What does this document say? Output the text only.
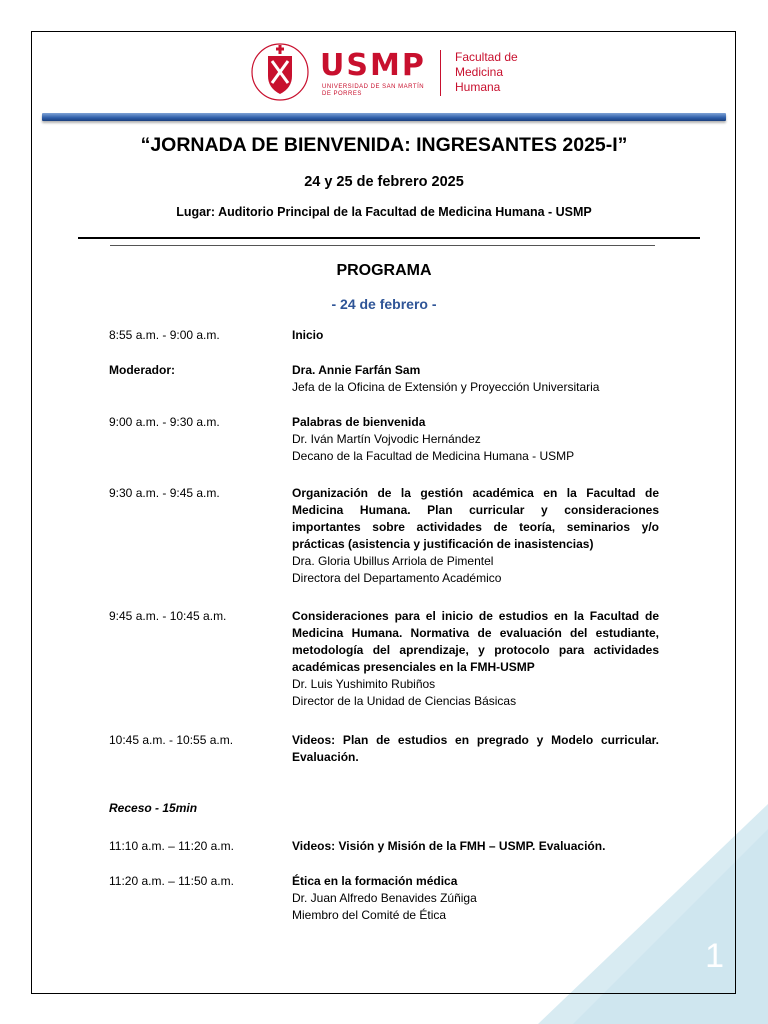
1
USMP
UNIVERSIDAD DE SAN MARTÍN DE PORRES
Facultad de
Medicina
Humana
“JORNADA DE BIENVENIDA: INGRESANTES 2025-I”
24 y 25 de febrero 2025
Lugar: Auditorio Principal de la Facultad de Medicina Humana - USMP
PROGRAMA
- 24 de febrero -
8:55 a.m. - 9:00 a.m.	Inicio
Moderador:	Dra. Annie Farfán Sam
Jefa de la Oficina de Extensión y Proyección Universitaria
9:00 a.m. - 9:30 a.m.	Palabras de bienvenida
Dr. Iván Martín Vojvodic Hernández
Decano de la Facultad de Medicina Humana - USMP
9:30 a.m. - 9:45 a.m.	Organización de la gestión académica en la Facultad de Medicina Humana. Plan curricular y consideraciones importantes sobre actividades de teoría, seminarios y/o prácticas (asistencia y justificación de inasistencias)
Dra. Gloria Ubillus Arriola de Pimentel
Directora del Departamento Académico
9:45 a.m. - 10:45 a.m.	Consideraciones para el inicio de estudios en la Facultad de Medicina Humana. Normativa de evaluación del estudiante, metodología del aprendizaje, y protocolo para actividades académicas presenciales en la FMH-USMP
Dr. Luis Yushimito Rubiños
Director de la Unidad de Ciencias Básicas
10:45 a.m. - 10:55 a.m.	Videos: Plan de estudios en pregrado y Modelo curricular. Evaluación.
Receso - 15min
11:10 a.m. – 11:20 a.m.	Videos: Visión y Misión de la FMH – USMP. Evaluación.
11:20 a.m. – 11:50 a.m.	Ética en la formación médica
Dr. Juan Alfredo Benavides Zúñiga
Miembro del Comité de Ética
